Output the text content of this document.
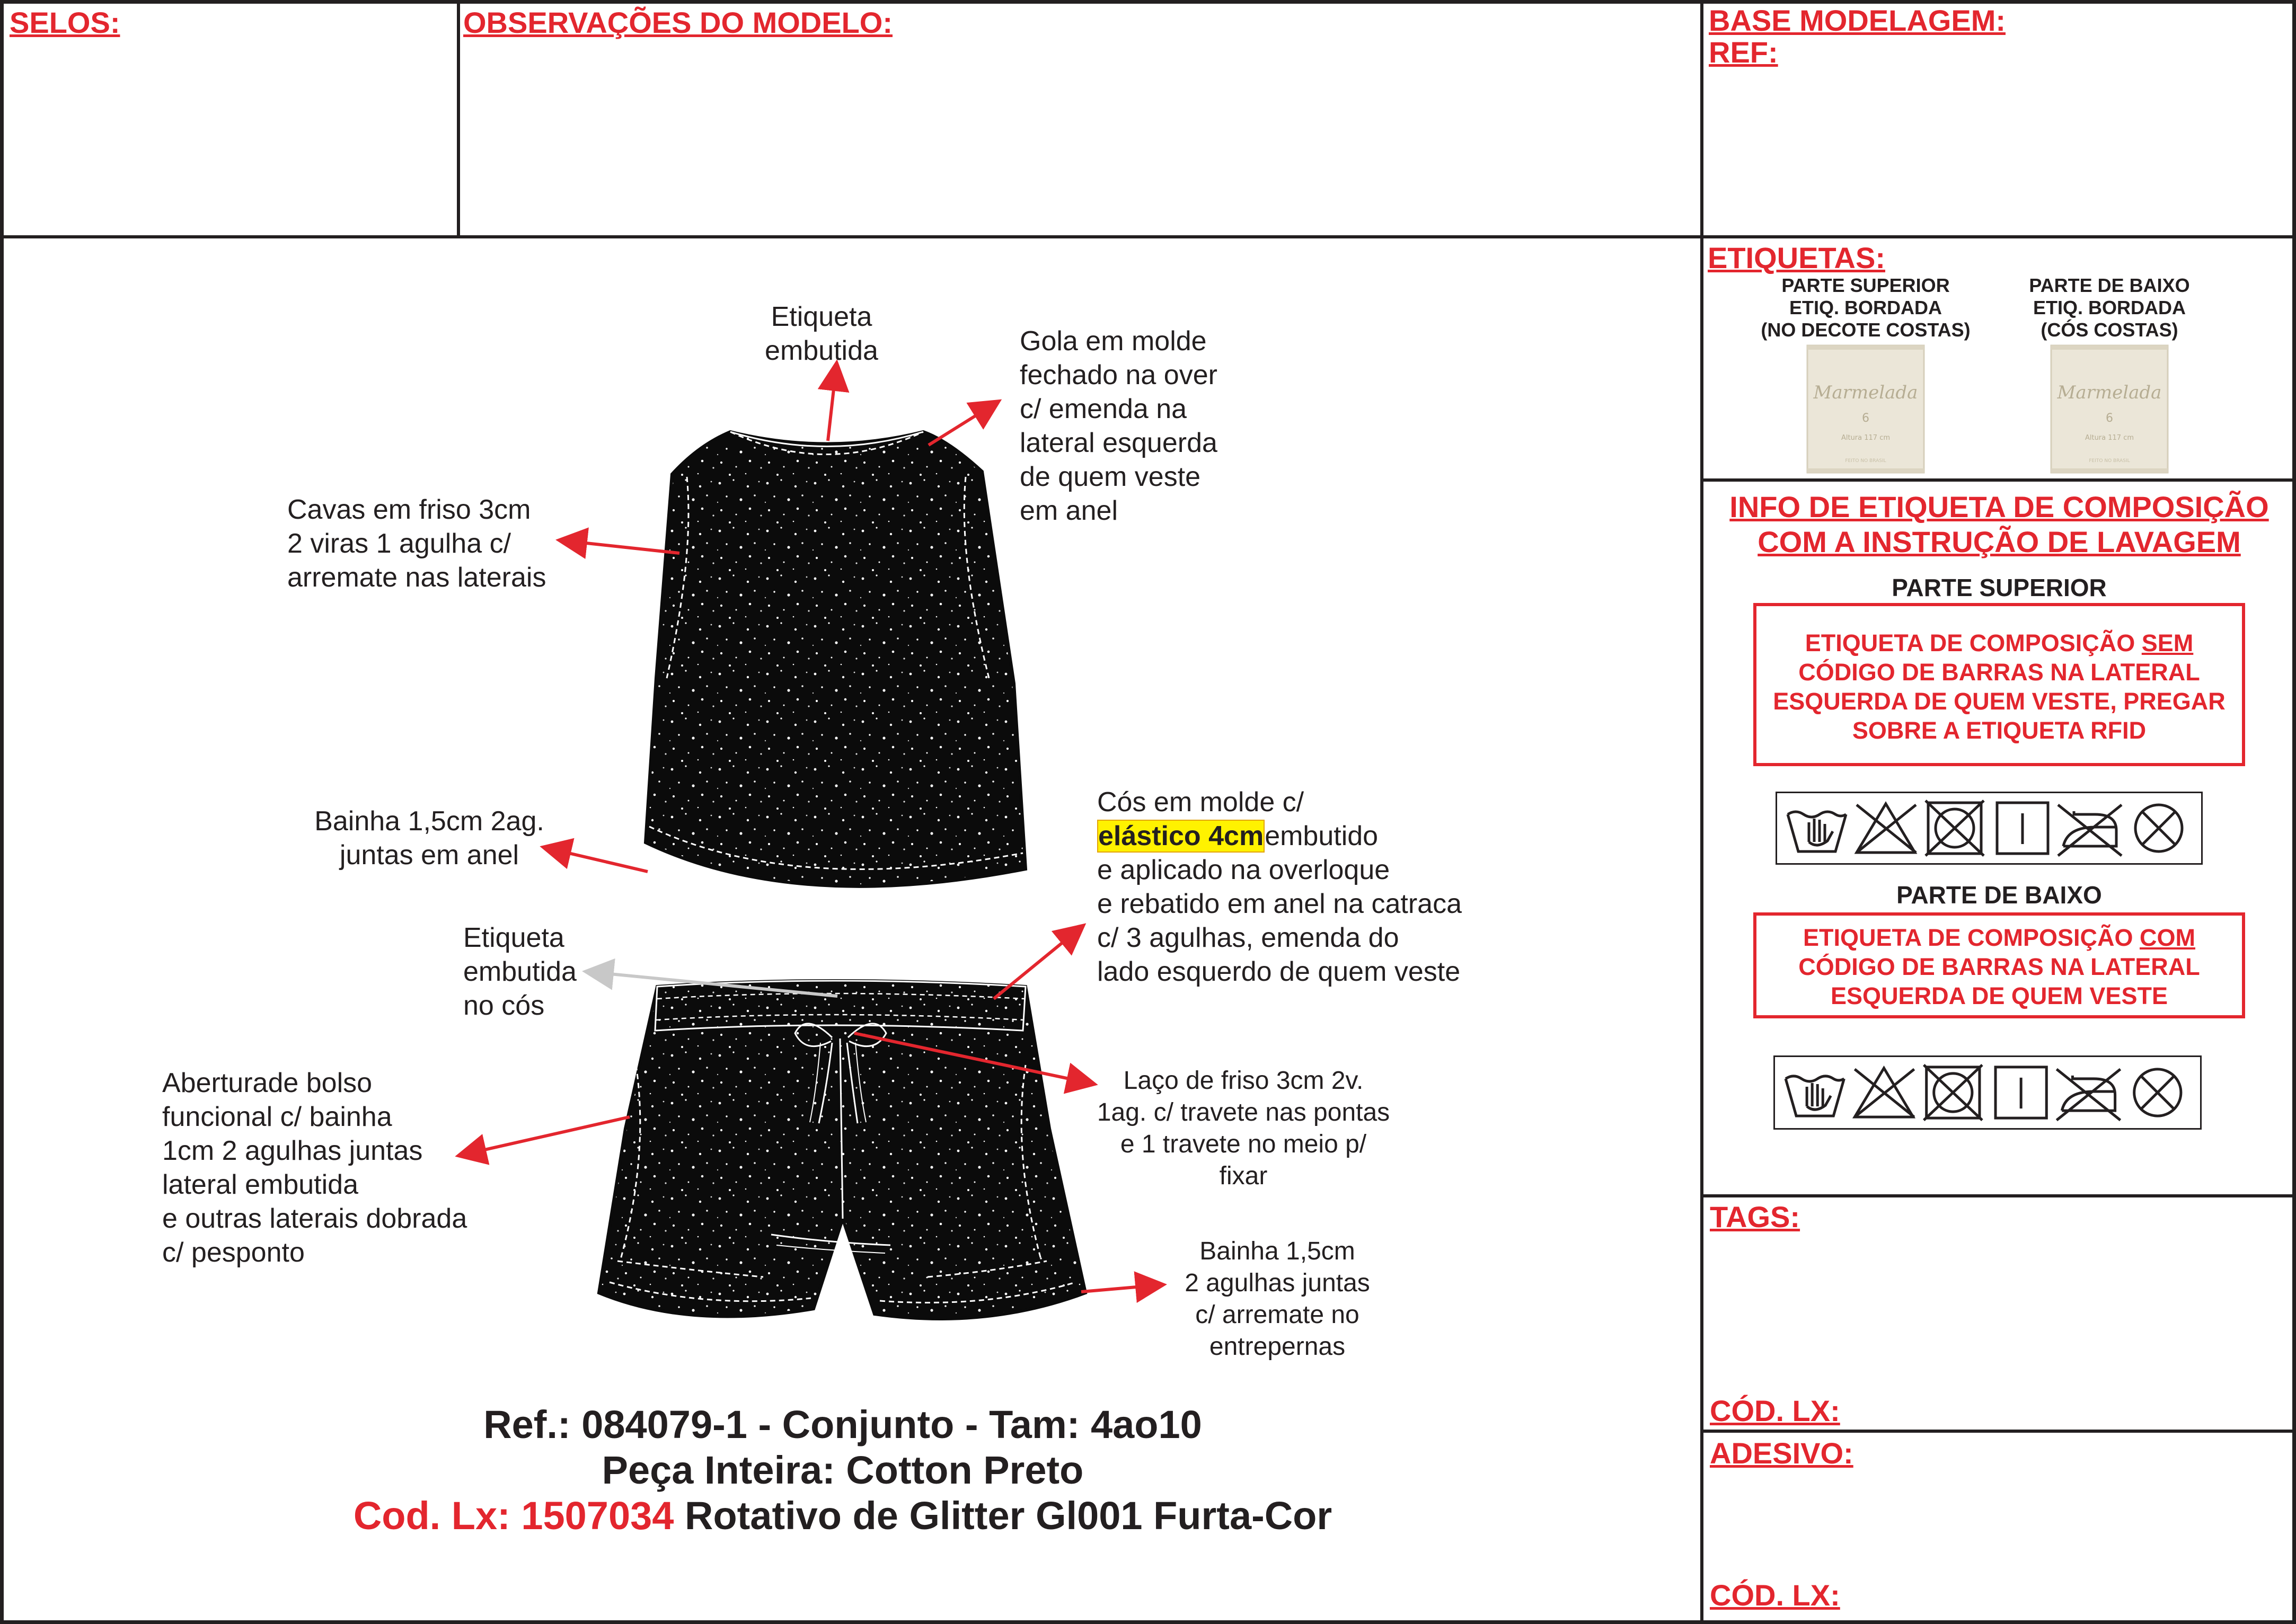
SELOS:	OBSERVAÇÕES DO MODELO:	BASE MODELAGEM:
REF:
ETIQUETAS:
PARTE SUPERIOR
ETIQ. BORDADA
(NO DECOTE COSTAS)
PARTE DE BAIXO
ETIQ. BORDADA
(CÓS COSTAS)
Marmelada
6
Altura 117 cm
FEITO NO BRASIL
Marmelada
6
Altura 117 cm
FEITO NO BRASIL
INFO DE ETIQUETA DE COMPOSIÇÃO
COM A INSTRUÇÃO DE LAVAGEM
PARTE SUPERIOR
ETIQUETA DE COMPOSIÇÃO SEM
CÓDIGO DE BARRAS NA LATERAL
ESQUERDA DE QUEM VESTE, PREGAR
SOBRE A ETIQUETA RFID
PARTE DE BAIXO
ETIQUETA DE COMPOSIÇÃO COM
CÓDIGO DE BARRAS NA LATERAL
ESQUERDA DE QUEM VESTE
TAGS:
CÓD. LX:
ADESIVO:
CÓD. LX:
Etiqueta
embutida	Gola em molde
fechado na over
c/ emenda na
lateral esquerda
de quem veste
em anel
Cavas em friso 3cm
2 viras 1 agulha c/
arremate nas laterais
Bainha 1,5cm 2ag.
juntas em anel
Cós em molde c/
elástico 4cmembutido
e aplicado na overloque
e rebatido em anel na catraca
c/ 3 agulhas, emenda do
lado esquerdo de quem veste
Etiqueta
embutida
no cós
Laço de friso 3cm 2v.
1ag. c/ travete nas pontas
e 1 travete no meio p/
fixar
Aberturade bolso
funcional c/ bainha
1cm 2 agulhas juntas
lateral embutida
e outras laterais dobrada
c/ pesponto	Bainha 1,5cm
2 agulhas juntas
c/ arremate no
entrepernas
Ref.: 084079-1 - Conjunto - Tam: 4ao10
Peça Inteira: Cotton Preto
Cod. Lx: 1507034 Rotativo de Glitter Gl001 Furta-Cor
